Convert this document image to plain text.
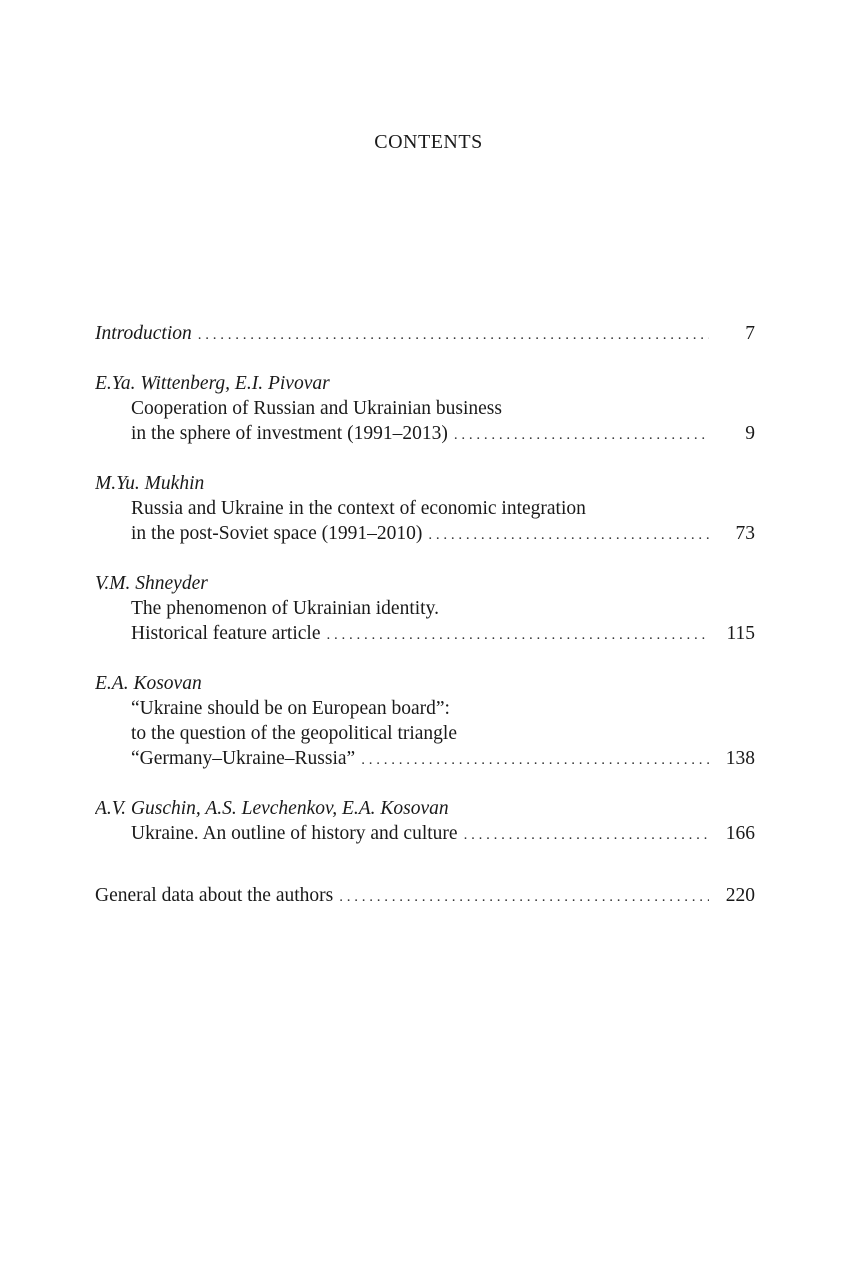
CONTENTS
Introduction . . .	7
E.Ya. Wittenberg, E.I. Pivovar
Cooperation of Russian and Ukrainian business
in the sphere of investment (1991–2013) . . .	9
M.Yu. Mukhin
Russia and Ukraine in the context of economic integration
in the post-Soviet space (1991–2010) . . .	73
V.M. Shneyder
The phenomenon of Ukrainian identity.
Historical feature article . . .	115
E.A. Kosovan
“Ukraine should be on European board”:
to the question of the geopolitical triangle
“Germany–Ukraine–Russia” . . .	138
A.V. Guschin, A.S. Levchenkov, E.A. Kosovan
Ukraine. An outline of history and culture . . .	166
General data about the authors . . .	220
